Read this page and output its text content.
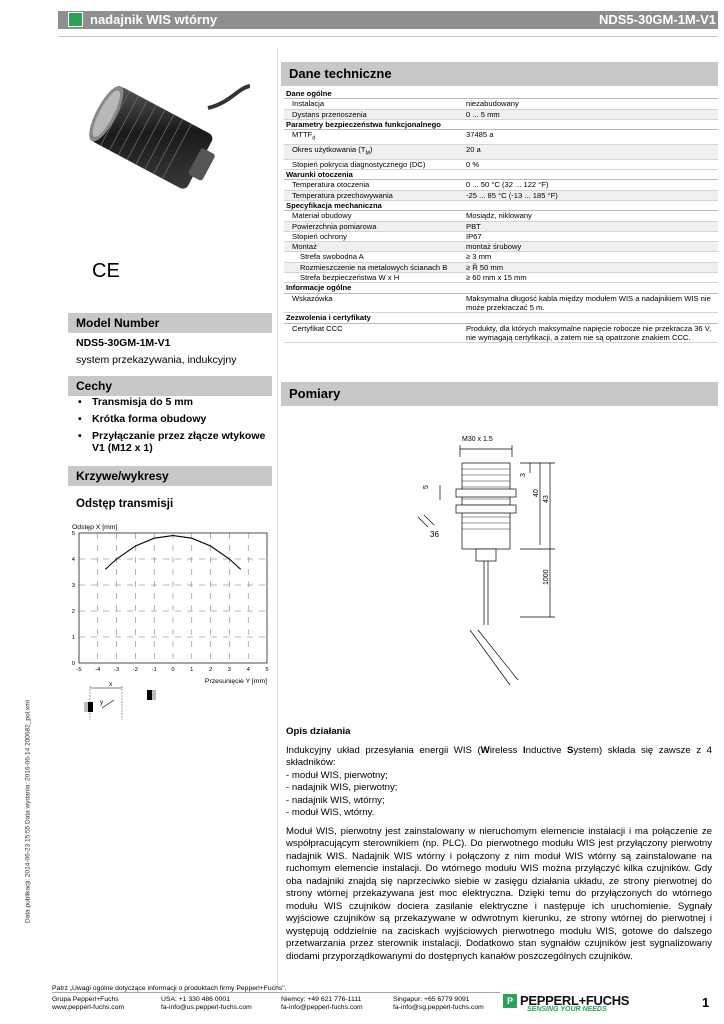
nadajnik WIS wtórny	NDS5-30GM-1M-V1
CE
Model Number
NDS5-30GM-1M-V1
system przekazywania, indukcyjny
Cechy
• Transmisja do 5 mm
• Krótka forma obudowy
• Przyłączanie przez złącze wtykowe V1 (M12 x 1)
Krzywe/wykresy
Odstęp transmisji
Odstęp X [mm]
-5 -4 -3 -2 -1	0	1	2	3	4	5
0
1
2
3
4
5
Przesunięcie Y [mm]
x
y
Data publikacji: 2014-06-23 15:55 Data wydania: 2016-06-14 200682_pol.xml
Dane techniczne
Dane ogólne	
Instalacja	niezabudowany
Dystans przenoszenia	0 ... 5 mm
Parametry bezpieczeństwa funkcjonalnego	
$MTTF_d$	37485 a
Okres użytkowania $(T_M)$	20 a
Stopień pokrycia diagnostycznego (DC)	0 %
Warunki otoczenia	
Temperatura otoczenia	0 ... 50 °C (32 ... 122 °F)
Temperatura przechowywania	-25 ... 85 °C (-13 ... 185 °F)
Specyfikacja mechaniczna	
Materiał obudowy	Mosiądz, niklowany
Powierzchnia pomiarowa	PBT
Stopień ochrony	IP67
Montaż	montaż śrubowy
Strefa swobodna A	≥ 3 mm
Rozmieszczenie na metalowych ścianach B	≥ Ř 50 mm
Strefa bezpieczeństwa W x H	≥ 60 mm x 15 mm
Informacje ogólne	
Wskazówka	Maksymalna długość kabla między modułem WIS a nadajnikiem WIS nie może przekraczać 5 m.
Zezwolenia i certyfikaty	
Certyfikat CCC	Produkty, dla których maksymalne napięcie robocze nie przekracza 36 V, nie wymagają certyfikacji, a zatem nie są opatrzone znakiem CCC.
Pomiary
M30 x 1.5
5
3
40
43
1000
36

Opis działania

Indukcyjny układ przesyłania energii WIS (Wireless Inductive System) składa się zawsze z 4 składników:

- moduł WIS, pierwotny;
- nadajnik WIS, pierwotny;
- nadajnik WIS, wtórny;
- moduł WIS, wtórny.

Moduł WIS, pierwotny jest zainstalowany w nieruchomym elemencie instalacji i ma połączenie ze współpracującym sterownikiem (np. PLC). Do pierwotnego modułu WIS jest przyłączony pierwotny nadajnik WIS. Nadajnik WIS wtórny i połączony z nim moduł WIS wtórny są zainstalowane na ruchomym elemencie instalacji. Do wtórnego modułu WIS można przyłączyć kilka czujników. Gdy oba nadajniki znajdą się naprzeciwko siebie w zasięgu działania układu, ze strony pierwotnej do strony wtórnej przekazywana jest moc elektryczna. Dzięki temu do przyłączonych do wtórnego modułu WIS czujników dociera zasilanie elektryczne i następuje ich uruchomienie. Sygnały wyjściowe czujników są przekazywane w odwrotnym kierunku, ze strony wtórnej do pierwotnej i występują oddzielnie na zaciskach wyjściowych pierwotnego modułu WIS, gotowe do dalszego przetwarzania przez sterownik instalacji. Dodatkowo stan sygnałów czujników jest sygnalizowany diodami przyporządkowanymi do dostępnych kanałów poszczególnych czujników.

Patrz „Uwagi ogólne dotyczące informacji o produktach firmy Pepperl+Fuchs".
Grupa Pepperl+Fuchs
www.pepperl-fuchs.com
USA: +1 330 486 0001
fa-info@us.pepperl-fuchs.com
Niemcy: +49 621 776-1111
fa-info@pepperl-fuchs.com
Singapur: +65 6779 9091
fa-info@sg.pepperl-fuchs.com
P PEPPERL+FUCHS
SENSING YOUR NEEDS	1
